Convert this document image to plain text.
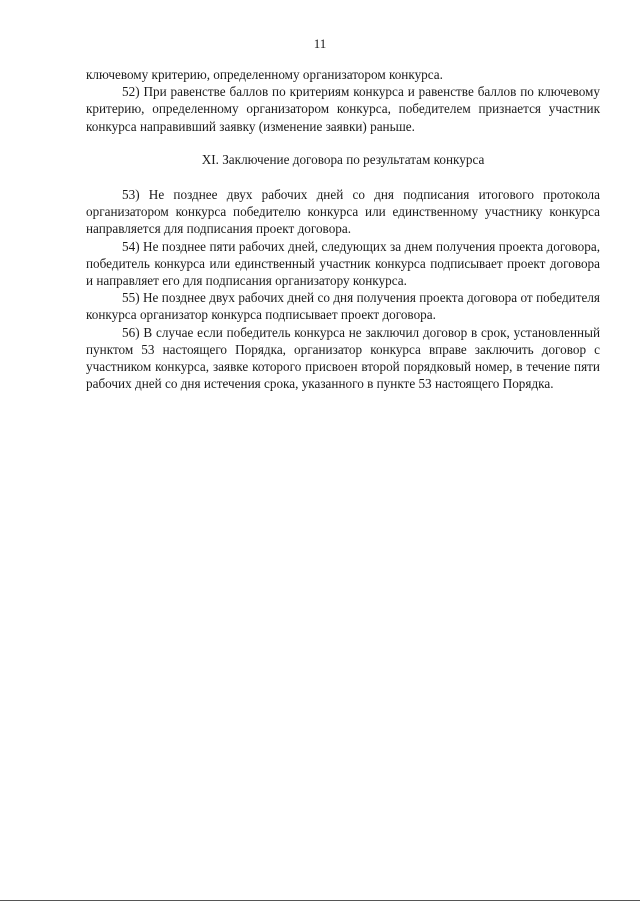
11

ключевому критерию, определенному организатором конкурса.

52) При равенстве баллов по критериям конкурса и равенстве баллов по ключевому критерию, определенному организатором конкурса, победителем признается участник конкурса направивший заявку (изменение заявки) раньше.

XI. Заключение договора по результатам конкурса

53) Не позднее двух рабочих дней со дня подписания итогового протокола организатором конкурса победителю конкурса или единственному участнику конкурса направляется для подписания проект договора.

54) Не позднее пяти рабочих дней, следующих за днем получения проекта договора, победитель конкурса или единственный участник конкурса подписывает проект договора и направляет его для подписания организатору конкурса.

55) Не позднее двух рабочих дней со дня получения проекта договора от победителя конкурса организатор конкурса подписывает проект договора.

56) В случае если победитель конкурса не заключил договор в срок, установленный пунктом 53 настоящего Порядка, организатор конкурса вправе заключить договор с участником конкурса, заявке которого присвоен второй порядковый номер, в течение пяти рабочих дней со дня истечения срока, указанного в пункте 53 настоящего Порядка.
